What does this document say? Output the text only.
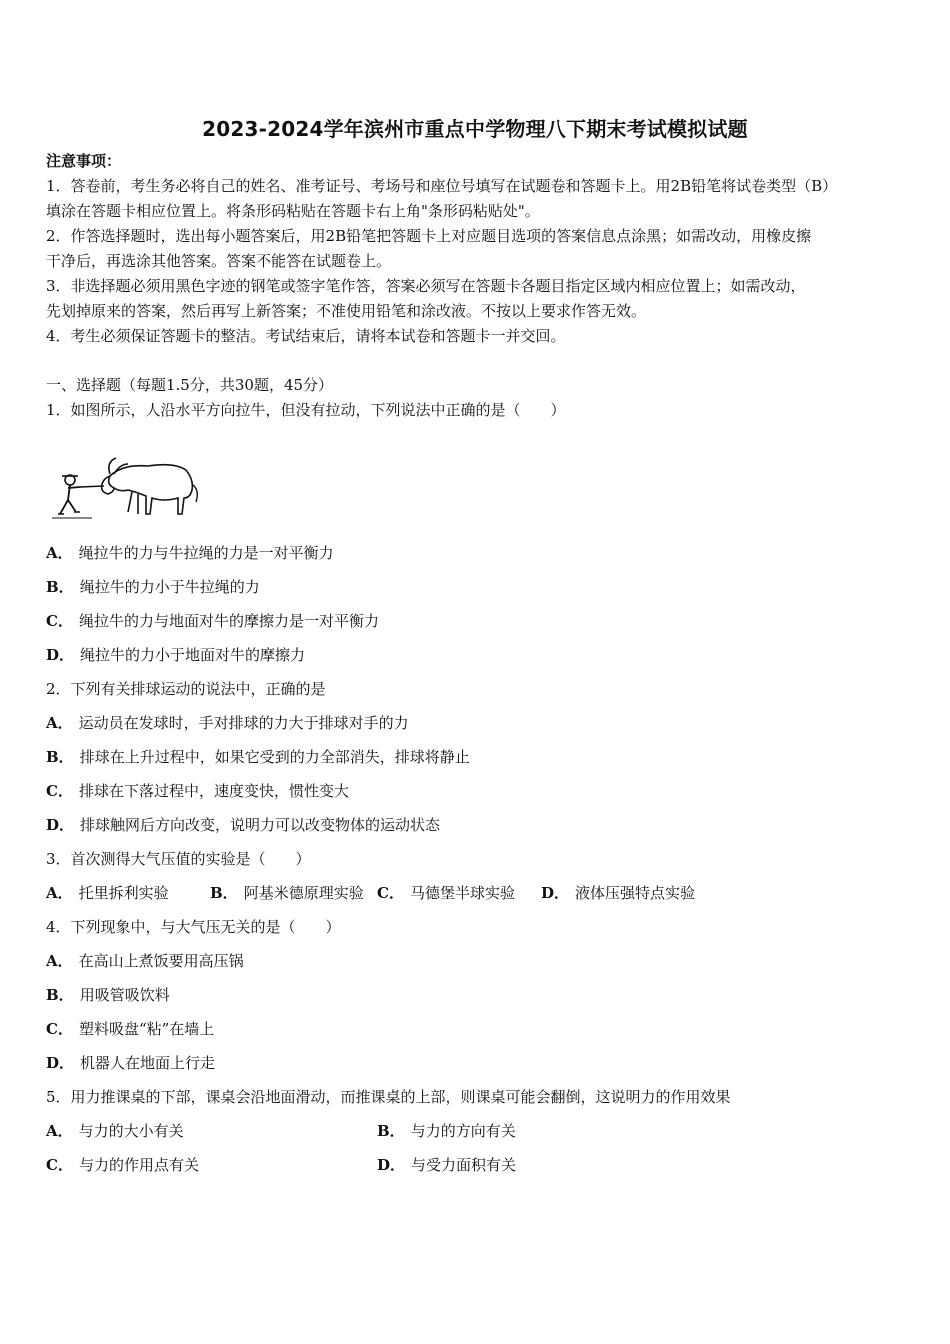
2023-2024学年滨州市重点中学物理八下期末考试模拟试题
注意事项：
1．答卷前，考生务必将自己的姓名、准考证号、考场号和座位号填写在试题卷和答题卡上。用2B铅笔将试卷类型（B）
填涂在答题卡相应位置上。将条形码粘贴在答题卡右上角"条形码粘贴处"。
2．作答选择题时，选出每小题答案后，用2B铅笔把答题卡上对应题目选项的答案信息点涂黑；如需改动，用橡皮擦
干净后，再选涂其他答案。答案不能答在试题卷上。
3．非选择题必须用黑色字迹的钢笔或签字笔作答，答案必须写在答题卡各题目指定区域内相应位置上；如需改动，
先划掉原来的答案，然后再写上新答案；不准使用铅笔和涂改液。不按以上要求作答无效。
4．考生必须保证答题卡的整洁。考试结束后，请将本试卷和答题卡一并交回。
一、选择题（每题1.5分，共30题，45分）
1．如图所示，人沿水平方向拉牛，但没有拉动，下列说法中正确的是（　　）
A． 绳拉牛的力与牛拉绳的力是一对平衡力
B． 绳拉牛的力小于牛拉绳的力
C． 绳拉牛的力与地面对牛的摩擦力是一对平衡力
D． 绳拉牛的力小于地面对牛的摩擦力
2．下列有关排球运动的说法中，正确的是
A． 运动员在发球时，手对排球的力大于排球对手的力
B． 排球在上升过程中，如果它受到的力全部消失，排球将静止
C． 排球在下落过程中，速度变快，惯性变大
D． 排球触网后方向改变，说明力可以改变物体的运动状态
3．首次测得大气压值的实验是（　　）
A． 托里拆利实验	B． 阿基米德原理实验 C． 马德堡半球实验 D． 液体压强特点实验
4．下列现象中，与大气压无关的是（　　）
A． 在高山上煮饭要用高压锅
B． 用吸管吸饮料
C． 塑料吸盘“粘”在墙上
D． 机器人在地面上行走
5．用力推课桌的下部，课桌会沿地面滑动，而推课桌的上部，则课桌可能会翻倒，这说明力的作用效果
A． 与力的大小有关	B． 与力的方向有关
C． 与力的作用点有关	D． 与受力面积有关
